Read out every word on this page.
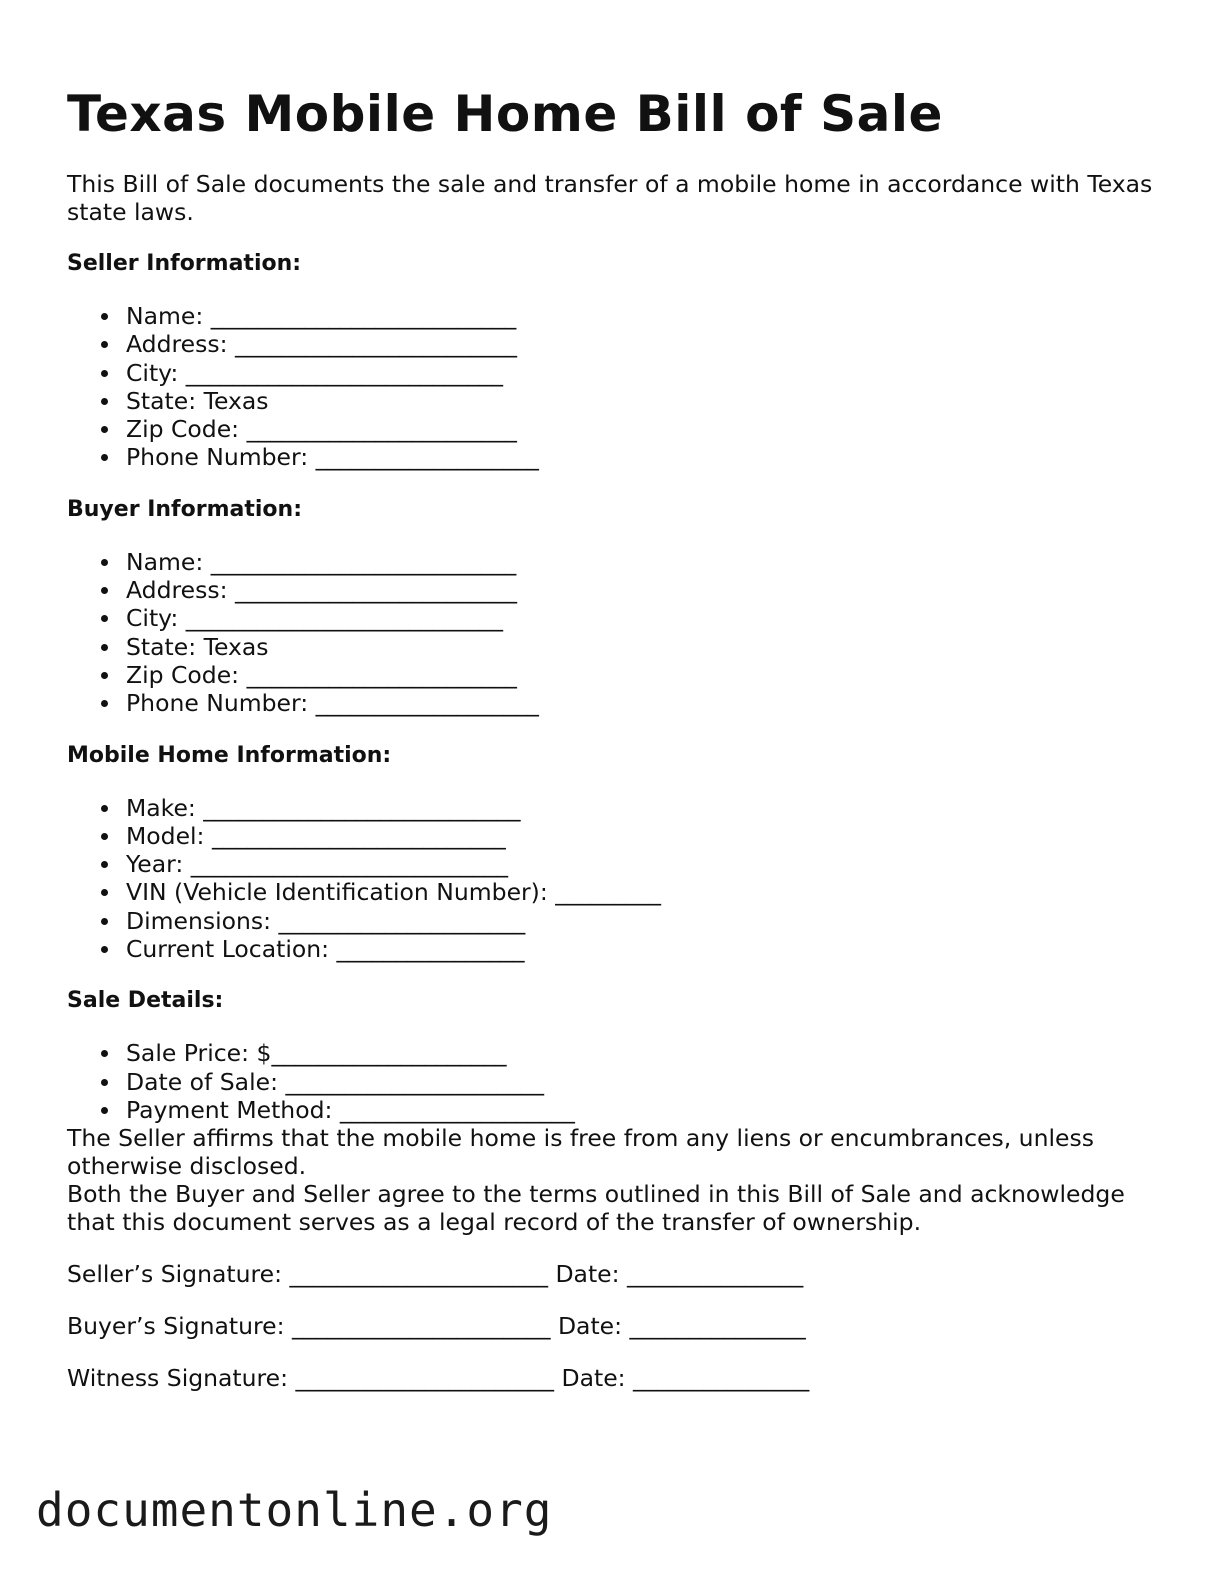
Texas Mobile Home Bill of Sale

This Bill of Sale documents the sale and transfer of a mobile home in accordance with Texas state laws.

Seller Information:
Name: __________________________
Address: ________________________
City: ___________________________
State: Texas
Zip Code: _______________________
Phone Number: ___________________
Buyer Information:
Name: __________________________
Address: ________________________
City: ___________________________
State: Texas
Zip Code: _______________________
Phone Number: ___________________
Mobile Home Information:
Make: ___________________________
Model: _________________________
Year: ___________________________
VIN (Vehicle Identification Number): _________
Dimensions: _____________________
Current Location: ________________
Sale Details:
Sale Price: $____________________
Date of Sale: ______________________
Payment Method: ____________________

The Seller affirms that the mobile home is free from any liens or encumbrances, unless otherwise disclosed.

Both the Buyer and Seller agree to the terms outlined in this Bill of Sale and acknowledge that this document serves as a legal record of the transfer of ownership.

Seller’s Signature: ______________________ Date: _______________

Buyer’s Signature: ______________________ Date: _______________

Witness Signature: ______________________ Date: _______________

documentonline.org
